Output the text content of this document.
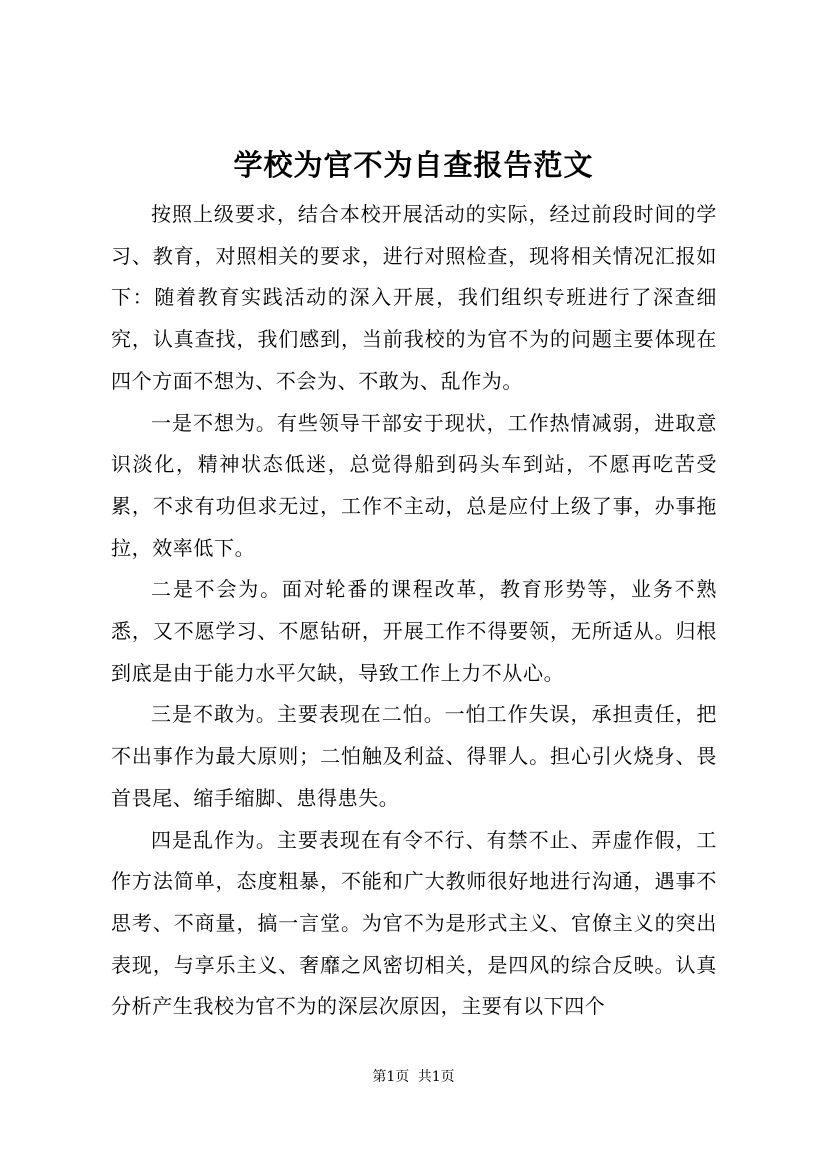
学校为官不为自查报告范文

按照上级要求，结合本校开展活动的实际，经过前段时间的学习、教育，对照相关的要求，进行对照检查，现将相关情况汇报如下：随着教育实践活动的深入开展，我们组织专班进行了深查细究，认真查找，我们感到，当前我校的为官不为的问题主要体现在四个方面不想为、不会为、不敢为、乱作为。

一是不想为。有些领导干部安于现状，工作热情减弱，进取意识淡化，精神状态低迷，总觉得船到码头车到站，不愿再吃苦受累，不求有功但求无过，工作不主动，总是应付上级了事，办事拖拉，效率低下。

二是不会为。面对轮番的课程改革，教育形势等，业务不熟悉，又不愿学习、不愿钻研，开展工作不得要领，无所适从。归根到底是由于能力水平欠缺，导致工作上力不从心。

三是不敢为。主要表现在二怕。一怕工作失误，承担责任，把不出事作为最大原则；二怕触及利益、得罪人。担心引火烧身、畏首畏尾、缩手缩脚、患得患失。

四是乱作为。主要表现在有令不行、有禁不止、弄虚作假，工作方法简单，态度粗暴，不能和广大教师很好地进行沟通，遇事不思考、不商量，搞一言堂。为官不为是形式主义、官僚主义的突出表现，与享乐主义、奢靡之风密切相关，是四风的综合反映。认真分析产生我校为官不为的深层次原因，主要有以下四个

第1页 共1页
